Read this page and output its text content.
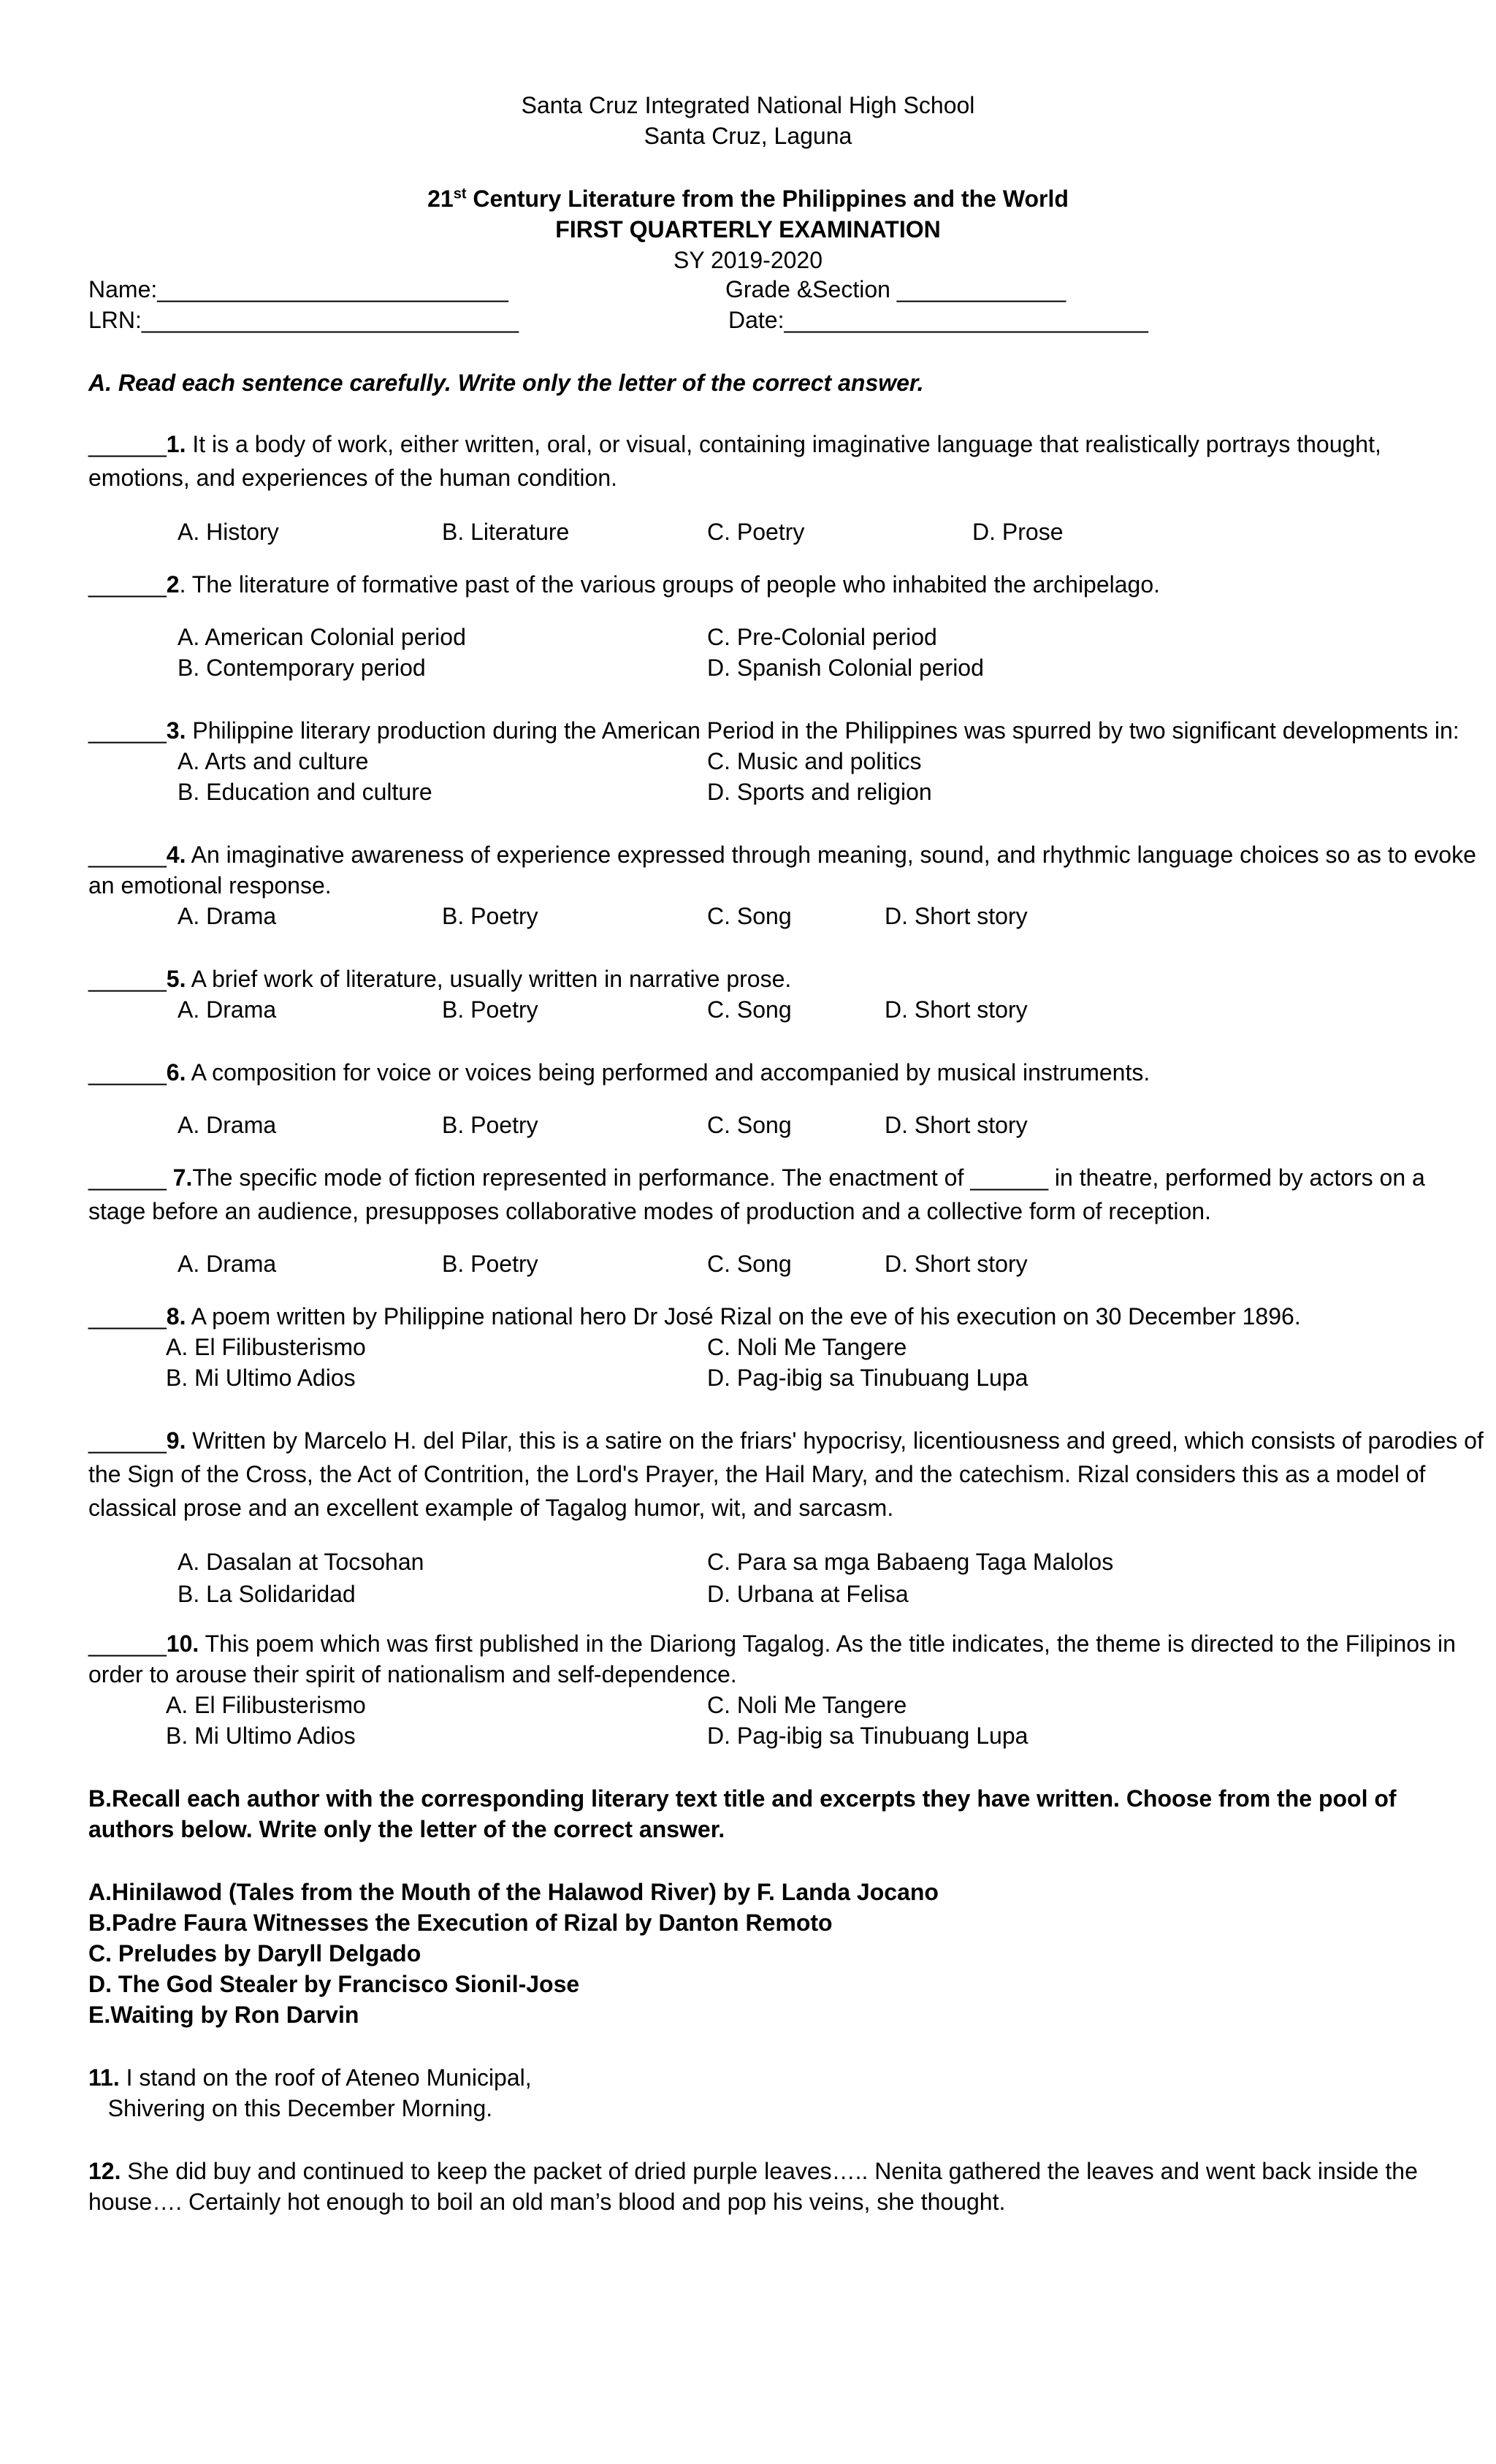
Santa Cruz Integrated National High School
Santa Cruz, Laguna
21st Century Literature from the Philippines and the World
FIRST QUARTERLY EXAMINATION
SY 2019-2020
Name:___________________________	Grade &Section _____________
LRN:_____________________________	Date:____________________________
A. Read each sentence carefully. Write only the letter of the correct answer.
______1. It is a body of work, either written, oral, or visual, containing imaginative language that realistically portrays thought,
emotions, and experiences of the human condition.
A. History	B. Literature	C. Poetry	D. Prose
______2. The literature of formative past of the various groups of people who inhabited the archipelago.
A. American Colonial period	C. Pre-Colonial period
B. Contemporary period	D. Spanish Colonial period
______3. Philippine literary production during the American Period in the Philippines was spurred by two significant developments in:
A. Arts and culture	C. Music and politics
B. Education and culture	D. Sports and religion
______4. An imaginative awareness of experience expressed through meaning, sound, and rhythmic language choices so as to evoke
an emotional response.
A. Drama	B. Poetry	C. Song	D. Short story
______5. A brief work of literature, usually written in narrative prose.
A. Drama	B. Poetry	C. Song	D. Short story
______6. A composition for voice or voices being performed and accompanied by musical instruments.
A. Drama	B. Poetry	C. Song	D. Short story
______ 7.The specific mode of fiction represented in performance. The enactment of ______ in theatre, performed by actors on a
stage before an audience, presupposes collaborative modes of production and a collective form of reception.
A. Drama	B. Poetry	C. Song	D. Short story
______8. A poem written by Philippine national hero Dr José Rizal on the eve of his execution on 30 December 1896.
A. El Filibusterismo	C. Noli Me Tangere
B. Mi Ultimo Adios	D. Pag-ibig sa Tinubuang Lupa
______9. Written by Marcelo H. del Pilar, this is a satire on the friars' hypocrisy, licentiousness and greed, which consists of parodies of
the Sign of the Cross, the Act of Contrition, the Lord's Prayer, the Hail Mary, and the catechism. Rizal considers this as a model of
classical prose and an excellent example of Tagalog humor, wit, and sarcasm.
A. Dasalan at Tocsohan	C. Para sa mga Babaeng Taga Malolos
B. La Solidaridad	D. Urbana at Felisa
______10. This poem which was first published in the Diariong Tagalog. As the title indicates, the theme is directed to the Filipinos in
order to arouse their spirit of nationalism and self-dependence.
A. El Filibusterismo	C. Noli Me Tangere
B. Mi Ultimo Adios	D. Pag-ibig sa Tinubuang Lupa
B.Recall each author with the corresponding literary text title and excerpts they have written. Choose from the pool of
authors below. Write only the letter of the correct answer.
A.Hinilawod (Tales from the Mouth of the Halawod River) by F. Landa Jocano
B.Padre Faura Witnesses the Execution of Rizal by Danton Remoto
C. Preludes by Daryll Delgado
D. The God Stealer by Francisco Sionil-Jose
E.Waiting by Ron Darvin
11. I stand on the roof of Ateneo Municipal,
Shivering on this December Morning.
12. She did buy and continued to keep the packet of dried purple leaves….. Nenita gathered the leaves and went back inside the
house…. Certainly hot enough to boil an old man’s blood and pop his veins, she thought.
